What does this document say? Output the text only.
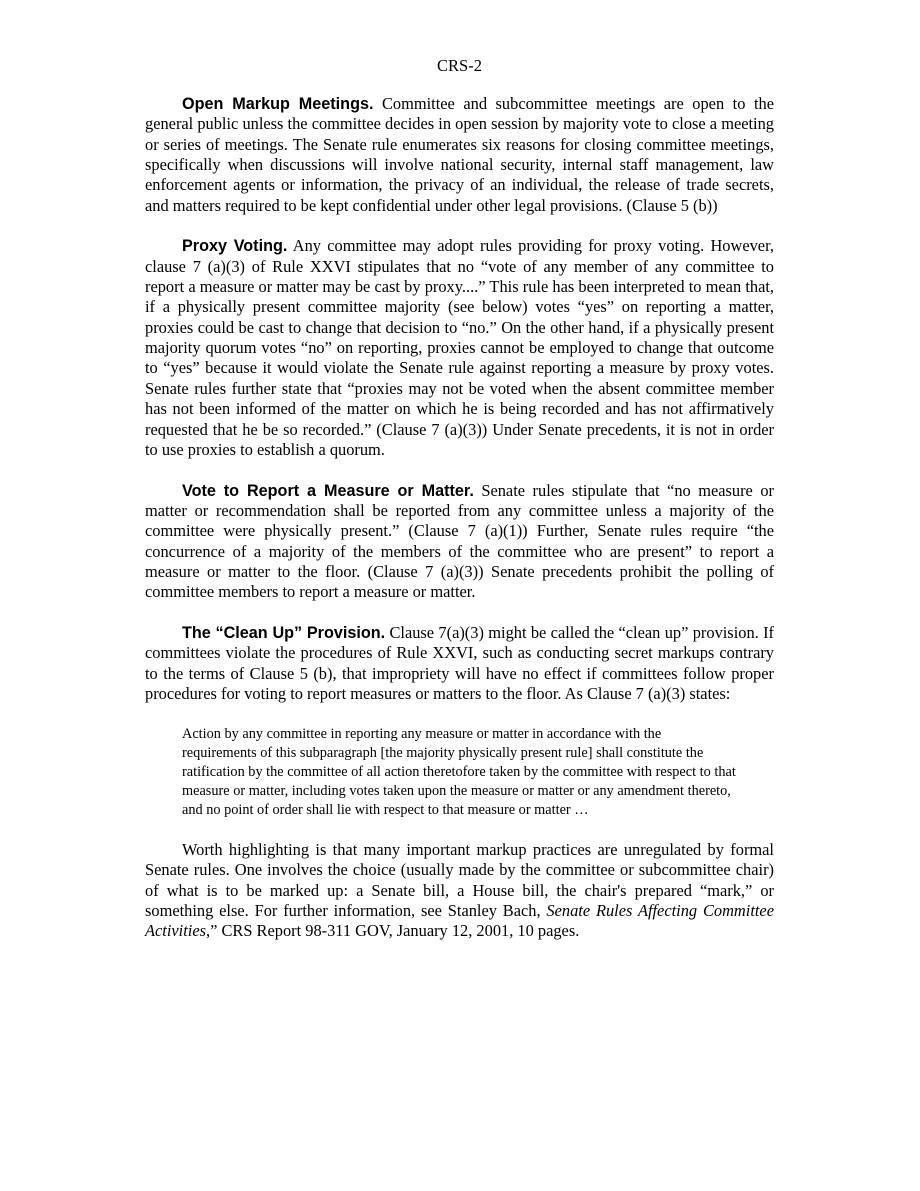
CRS-2

Open Markup Meetings. Committee and subcommittee meetings are open to the general public unless the committee decides in open session by majority vote to close a meeting or series of meetings. The Senate rule enumerates six reasons for closing committee meetings, specifically when discussions will involve national security, internal staff management, law enforcement agents or information, the privacy of an individual, the release of trade secrets, and matters required to be kept confidential under other legal provisions. (Clause 5 (b))

Proxy Voting. Any committee may adopt rules providing for proxy voting. However, clause 7 (a)(3) of Rule XXVI stipulates that no “vote of any member of any committee to report a measure or matter may be cast by proxy....” This rule has been interpreted to mean that, if a physically present committee majority (see below) votes “yes” on reporting a matter, proxies could be cast to change that decision to “no.” On the other hand, if a physically present majority quorum votes “no” on reporting, proxies cannot be employed to change that outcome to “yes” because it would violate the Senate rule against reporting a measure by proxy votes. Senate rules further state that “proxies may not be voted when the absent committee member has not been informed of the matter on which he is being recorded and has not affirmatively requested that he be so recorded.” (Clause 7 (a)(3)) Under Senate precedents, it is not in order to use proxies to establish a quorum.

Vote to Report a Measure or Matter. Senate rules stipulate that “no measure or matter or recommendation shall be reported from any committee unless a majority of the committee were physically present.” (Clause 7 (a)(1)) Further, Senate rules require “the concurrence of a majority of the members of the committee who are present” to report a measure or matter to the floor. (Clause 7 (a)(3)) Senate precedents prohibit the polling of committee members to report a measure or matter.

The “Clean Up” Provision. Clause 7(a)(3) might be called the “clean up” provision. If committees violate the procedures of Rule XXVI, such as conducting secret markups contrary to the terms of Clause 5 (b), that impropriety will have no effect if committees follow proper procedures for voting to report measures or matters to the floor. As Clause 7 (a)(3) states:

Action by any committee in reporting any measure or matter in accordance with the requirements of this subparagraph [the majority physically present rule] shall constitute the ratification by the committee of all action theretofore taken by the committee with respect to that measure or matter, including votes taken upon the measure or matter or any amendment thereto, and no point of order shall lie with respect to that measure or matter …

Worth highlighting is that many important markup practices are unregulated by formal Senate rules. One involves the choice (usually made by the committee or subcommittee chair) of what is to be marked up: a Senate bill, a House bill, the chair's prepared “mark,” or something else. For further information, see Stanley Bach, Senate Rules Affecting Committee Activities,” CRS Report 98-311 GOV, January 12, 2001, 10 pages.
